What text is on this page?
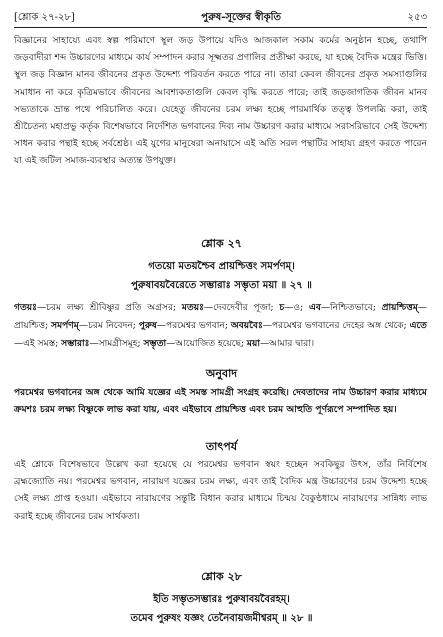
[শ্লোক ২৭-২৮]	পুরুষ-সূক্তের স্বীকৃতি	২৫৩
বিজ্ঞানের সাহায্যে এবং স্বল্প পরিমাণে স্থূল জড় উপায়ে যদিও আজকাল সকাম কর্মের অনুষ্ঠান হচ্ছে, তথাপি জড়বাদীরা শব্দ উচ্চারণের মাধ্যমে কার্য সম্পাদন করার সূক্ষ্মতর প্রণালির প্রতীক্ষা করছে, যা হচ্ছে বৈদিক মন্ত্রের ভিত্তি। স্থূল জড় বিজ্ঞান মানব জীবনের প্রকৃত উদ্দেশ্য পরিবর্তন করতে পারে না। তারা কেবল জীবনের প্রকৃত সমস্যাগুলির সমাধান না করে কৃত্রিমভাবে জীবনের আবশ্যকতাগুলি কেবল বৃদ্ধি করতে পারে; তাই জড়জাগতিক জীবন মানব সভ্যতাকে ভ্রান্ত পথে পরিচালিত করে। যেহেতু জীবনের চরম লক্ষ্য হচ্ছে পারমার্থিক তত্ত্ব উপলব্ধি করা, তাই শ্রীচৈতন্য মহাপ্রভু কর্তৃক বিশেষভাবে নির্দেশিত ভগবানের দিব্য নাম উচ্চারণ করার মাধ্যমে সরাসরিভাবে সেই উদ্দেশ্য সাধন করার পন্থাই হচ্ছে সর্বশ্রেষ্ঠ। এই যুগের মানুষেরা অনায়াসে এই অতি সরল পন্থাটির সাহায্য গ্রহণ করতে পারেন যা এই জটিল সমাজ-ব্যবস্থার অত্যন্ত উপযুক্ত।
শ্লোক ২৭
গতয়ো মতয়শ্চৈব প্রায়শ্চিত্তং সমর্পণম্।
পুরুষাবয়বৈরেতে সম্ভারাঃ সম্ভৃতা ময়া ॥ ২৭ ॥
গতয়ঃ—চরম লক্ষ্য শ্রীবিষ্ণুর প্রতি অগ্রসর; মতয়ঃ—দেবদেবীর পূজা; চ—ও; এব—নিশ্চিতভাবে; প্রায়শ্চিত্তম্—প্রায়শ্চিত্ত; সমর্পণম্—চরম নিবেদন; পুরুষ—পরমেশ্বর ভগবান; অবয়বৈঃ—পরমেশ্বর ভগবানের দেহের অঙ্গ থেকে; এতে—এই সমস্ত; সম্ভারাঃ—সামগ্রীসমূহ; সম্ভৃতা—আয়োজিত হয়েছে; ময়া—আমার দ্বারা।
অনুবাদ
পরমেশ্বর ভগবানের অঙ্গ থেকে আমি যজ্ঞের এই সমস্ত সামগ্রী সংগ্রহ করেছি। দেবতাদের নাম উচ্চারণ করার মাধ্যমে ক্রমশঃ চরম লক্ষ্য বিষ্ণুকে লাভ করা যায়, এবং এইভাবে প্রায়শ্চিত্ত এবং চরম আহুতি পূর্ণরূপে সম্পাদিত হয়।
তাৎপর্য
এই শ্লোকে বিশেষভাবে উল্লেখ করা হয়েছে যে পরমেশ্বর ভগবান স্বয়ং হচ্ছেন সবকিছুর উৎস, তাঁর নির্বিশেষ ব্রহ্মজ্যোতি নয়। পরমেশ্বর ভগবান, নারায়ণ যজ্ঞের চরম লক্ষ্য, এবং তাই বৈদিক মন্ত্র উচ্চারণের চরম উদ্দেশ্য হচ্ছে সেই লক্ষ্য প্রাপ্ত হওয়া। এইভাবে নারায়ণের সন্তুষ্টি বিধান করার মাধ্যমে চিন্ময় বৈকুণ্ঠধামে নারায়ণের সান্নিধ্য লাভ করাই হচ্ছে জীবনের চরম সার্থকতা।
শ্লোক ২৮
ইতি সম্ভৃতসম্ভারঃ পুরুষাবয়বৈরহম্।
তমেব পুরুষং যজ্ঞং তেনৈবায়জমীশ্বরম্ ॥ ২৮ ॥
